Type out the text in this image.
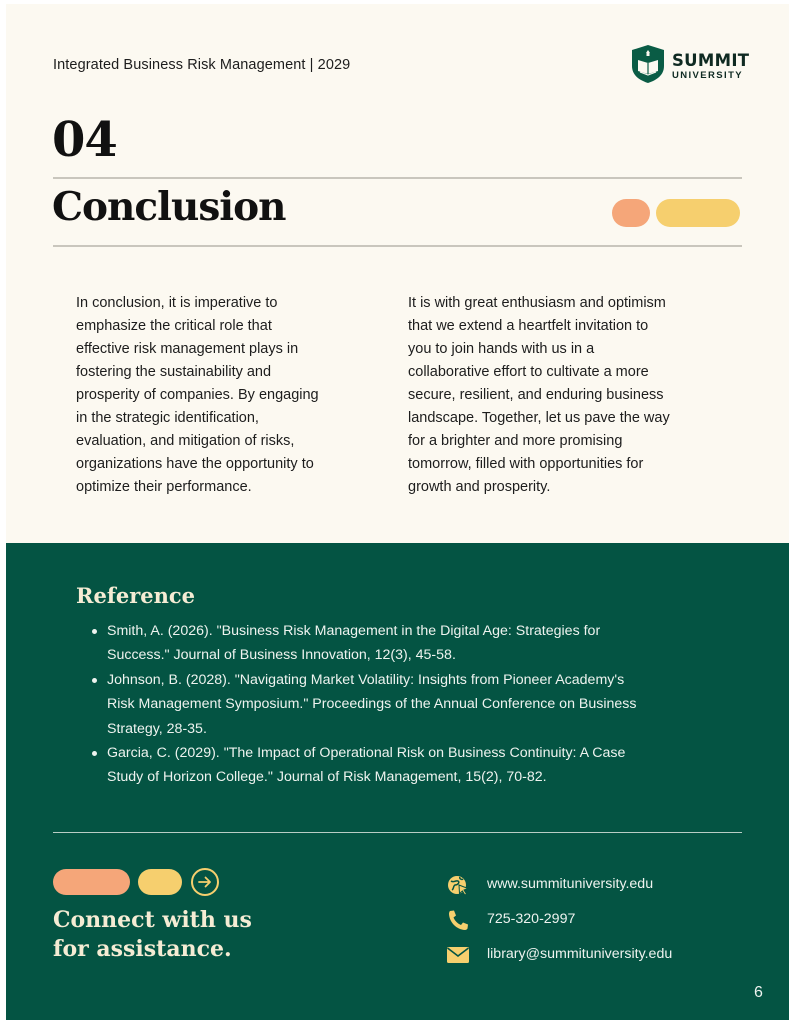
Integrated Business Risk Management | 2029	SUMMIT
UNIVERSITY
04
Conclusion
In conclusion, it is imperative to
emphasize the critical role that
effective risk management plays in
fostering the sustainability and
prosperity of companies. By engaging
in the strategic identification,
evaluation, and mitigation of risks,
organizations have the opportunity to
optimize their performance.
It is with great enthusiasm and optimism
that we extend a heartfelt invitation to
you to join hands with us in a
collaborative effort to cultivate a more
secure, resilient, and enduring business
landscape. Together, let us pave the way
for a brighter and more promising
tomorrow, filled with opportunities for
growth and prosperity.
Reference
Smith, A. (2026). "Business Risk Management in the Digital Age: Strategies for
Success." Journal of Business Innovation, 12(3), 45-58.
Johnson, B. (2028). "Navigating Market Volatility: Insights from Pioneer Academy's
Risk Management Symposium." Proceedings of the Annual Conference on Business
Strategy, 28-35.
Garcia, C. (2029). "The Impact of Operational Risk on Business Continuity: A Case
Study of Horizon College." Journal of Risk Management, 15(2), 70-82.
Connect with us
for assistance.
www.summituniversity.edu
725-320-2997
library@summituniversity.edu
6
